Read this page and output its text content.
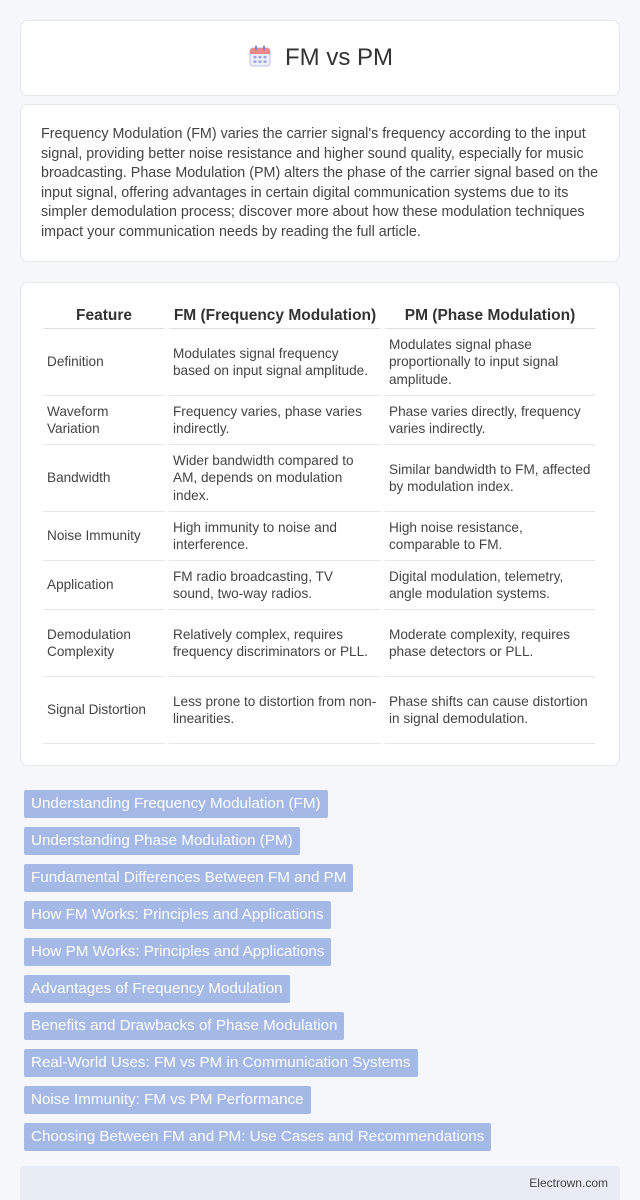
FM vs PM
Frequency Modulation (FM) varies the carrier signal's frequency according to the input signal, providing better noise resistance and higher sound quality, especially for music broadcasting. Phase Modulation (PM) alters the phase of the carrier signal based on the input signal, offering advantages in certain digital communication systems due to its simpler demodulation process; discover more about how these modulation techniques impact your communication needs by reading the full article.
Feature	FM (Frequency Modulation)	PM (Phase Modulation)
Definition	Modulates signal frequency based on input signal amplitude.	Modulates signal phase proportionally to input signal amplitude.
Waveform Variation	Frequency varies, phase varies indirectly.	Phase varies directly, frequency varies indirectly.
Bandwidth	Wider bandwidth compared to AM, depends on modulation index.	Similar bandwidth to FM, affected by modulation index.
Noise Immunity	High immunity to noise and interference.	High noise resistance, comparable to FM.
Application	FM radio broadcasting, TV sound, two-way radios.	Digital modulation, telemetry, angle modulation systems.
Demodulation Complexity	Relatively complex, requires frequency discriminators or PLL.	Moderate complexity, requires phase detectors or PLL.
Signal Distortion	Less prone to distortion from non-linearities.	Phase shifts can cause distortion in signal demodulation.
Understanding Frequency Modulation (FM)
Understanding Phase Modulation (PM)
Fundamental Differences Between FM and PM
How FM Works: Principles and Applications
How PM Works: Principles and Applications
Advantages of Frequency Modulation
Benefits and Drawbacks of Phase Modulation
Real-World Uses: FM vs PM in Communication Systems
Noise Immunity: FM vs PM Performance
Choosing Between FM and PM: Use Cases and Recommendations
Electrown.com
